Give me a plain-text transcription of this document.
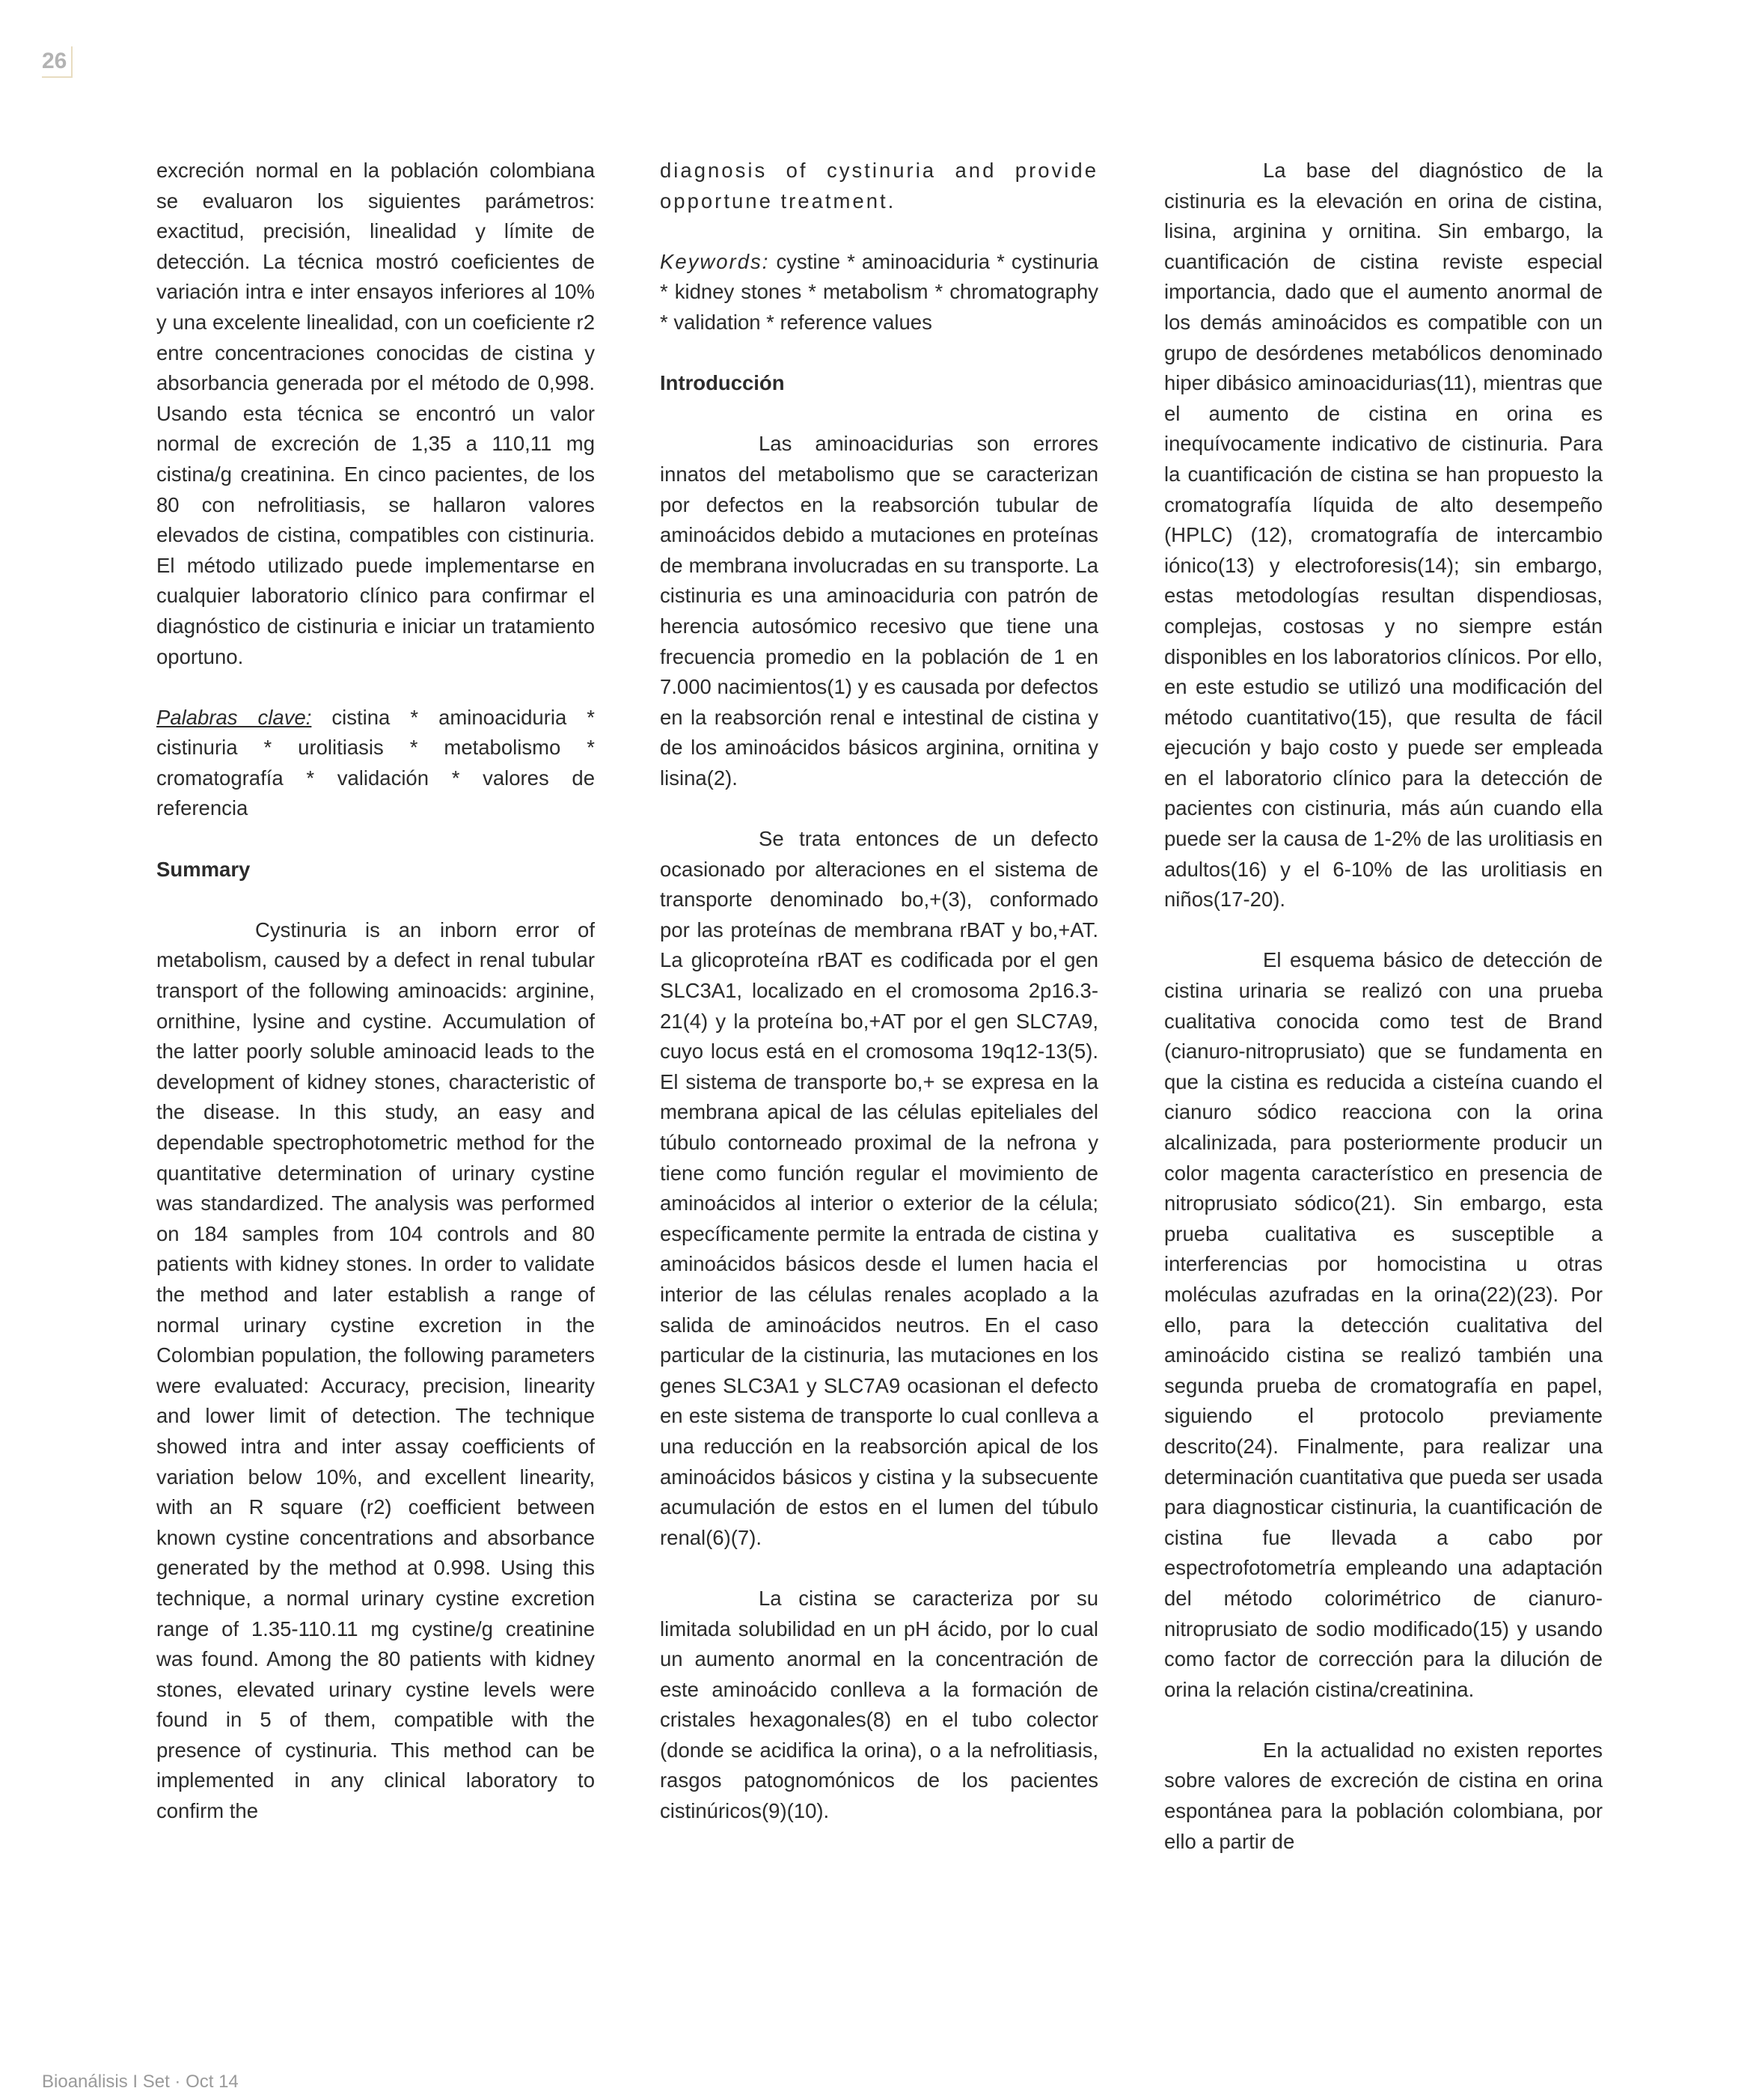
26

excreción normal en la población colombiana se evaluaron los siguientes parámetros: exactitud, precisión, linealidad y límite de detección. La técnica mostró coeficientes de variación intra e inter ensayos inferiores al 10% y una excelente linealidad, con un coeficiente r2 entre concentraciones conocidas de cistina y absorbancia generada por el método de 0,998. Usando esta técnica se encontró un valor normal de excreción de 1,35 a 110,11 mg cistina/g creatinina. En cinco pacientes, de los 80 con nefrolitiasis, se hallaron valores elevados de cistina, compatibles con cistinuria. El método utilizado puede implementarse en cualquier laboratorio clínico para confirmar el diagnóstico de cistinuria e iniciar un tratamiento oportuno.

Palabras clave: cistina * aminoaciduria * cistinuria * urolitiasis * metabolismo * cromatografía * validación * valores de referencia

Summary

Cystinuria is an inborn error of metabolism, caused by a defect in renal tubular transport of the following aminoacids: arginine, ornithine, lysine and cystine. Accumulation of the latter poorly soluble aminoacid leads to the development of kidney stones, characteristic of the disease. In this study, an easy and dependable spectrophotometric method for the quantitative determination of urinary cystine was standardized. The analysis was performed on 184 samples from 104 controls and 80 patients with kidney stones. In order to validate the method and later establish a range of normal urinary cystine excretion in the Colombian population, the following parameters were evaluated: Accuracy, precision, linearity and lower limit of detection. The technique showed intra and inter assay coefficients of variation below 10%, and excellent linearity, with an R square (r2) coefficient between known cystine concentrations and absorbance generated by the method at 0.998. Using this technique, a normal urinary cystine excretion range of 1.35-110.11 mg cystine/g creatinine was found. Among the 80 patients with kidney stones, elevated urinary cystine levels were found in 5 of them, compatible with the presence of cystinuria. This method can be implemented in any clinical laboratory to confirm the

diagnosis of cystinuria and provide opportune treatment.

Keywords: cystine * aminoaciduria * cystinuria * kidney stones * metabolism * chromatography * validation * reference values

Introducción

Las aminoacidurias son errores innatos del metabolismo que se caracterizan por defectos en la reabsorción tubular de aminoácidos debido a mutaciones en proteínas de membrana involucradas en su transporte. La cistinuria es una aminoaciduria con patrón de herencia autosómico recesivo que tiene una frecuencia promedio en la población de 1 en 7.000 nacimientos(1) y es causada por defectos en la reabsorción renal e intestinal de cistina y de los aminoácidos básicos arginina, ornitina y lisina(2).

Se trata entonces de un defecto ocasionado por alteraciones en el sistema de transporte denominado bo,+(3), conformado por las proteínas de membrana rBAT y bo,+AT. La glicoproteína rBAT es codificada por el gen SLC3A1, localizado en el cromosoma 2p16.3-21(4) y la proteína bo,+AT por el gen SLC7A9, cuyo locus está en el cromosoma 19q12-13(5). El sistema de transporte bo,+ se expresa en la membrana apical de las células epiteliales del túbulo contorneado proximal de la nefrona y tiene como función regular el movimiento de aminoácidos al interior o exterior de la célula; específicamente permite la entrada de cistina y aminoácidos básicos desde el lumen hacia el interior de las células renales acoplado a la salida de aminoácidos neutros. En el caso particular de la cistinuria, las mutaciones en los genes SLC3A1 y SLC7A9 ocasionan el defecto en este sistema de transporte lo cual conlleva a una reducción en la reabsorción apical de los aminoácidos básicos y cistina y la subsecuente acumulación de estos en el lumen del túbulo renal(6)(7).

La cistina se caracteriza por su limitada solubilidad en un pH ácido, por lo cual un aumento anormal en la concentración de este aminoácido conlleva a la formación de cristales hexagonales(8) en el tubo colector (donde se acidifica la orina), o a la nefrolitiasis, rasgos patognomónicos de los pacientes cistinúricos(9)(10).

La base del diagnóstico de la cistinuria es la elevación en orina de cistina, lisina, arginina y ornitina. Sin embargo, la cuantificación de cistina reviste especial importancia, dado que el aumento anormal de los demás aminoácidos es compatible con un grupo de desórdenes metabólicos denominado hiper dibásico aminoacidurias(11), mientras que el aumento de cistina en orina es inequívocamente indicativo de cistinuria. Para la cuantificación de cistina se han propuesto la cromatografía líquida de alto desempeño (HPLC) (12), cromatografía de intercambio iónico(13) y electroforesis(14); sin embargo, estas metodologías resultan dispendiosas, complejas, costosas y no siempre están disponibles en los laboratorios clínicos. Por ello, en este estudio se utilizó una modificación del método cuantitativo(15), que resulta de fácil ejecución y bajo costo y puede ser empleada en el laboratorio clínico para la detección de pacientes con cistinuria, más aún cuando ella puede ser la causa de 1-2% de las urolitiasis en adultos(16) y el 6-10% de las urolitiasis en niños(17-20).

El esquema básico de detección de cistina urinaria se realizó con una prueba cualitativa conocida como test de Brand (cianuro-nitroprusiato) que se fundamenta en que la cistina es reducida a cisteína cuando el cianuro sódico reacciona con la orina alcalinizada, para posteriormente producir un color magenta característico en presencia de nitroprusiato sódico(21). Sin embargo, esta prueba cualitativa es susceptible a interferencias por homocistina u otras moléculas azufradas en la orina(22)(23). Por ello, para la detección cualitativa del aminoácido cistina se realizó también una segunda prueba de cromatografía en papel, siguiendo el protocolo previamente descrito(24). Finalmente, para realizar una determinación cuantitativa que pueda ser usada para diagnosticar cistinuria, la cuantificación de cistina fue llevada a cabo por espectrofotometría empleando una adaptación del método colorimétrico de cianuro-nitroprusiato de sodio modificado(15) y usando como factor de corrección para la dilución de orina la relación cistina/creatinina.

En la actualidad no existen reportes sobre valores de excreción de cistina en orina espontánea para la población colombiana, por ello a partir de

Bioanálisis I Set · Oct 14
